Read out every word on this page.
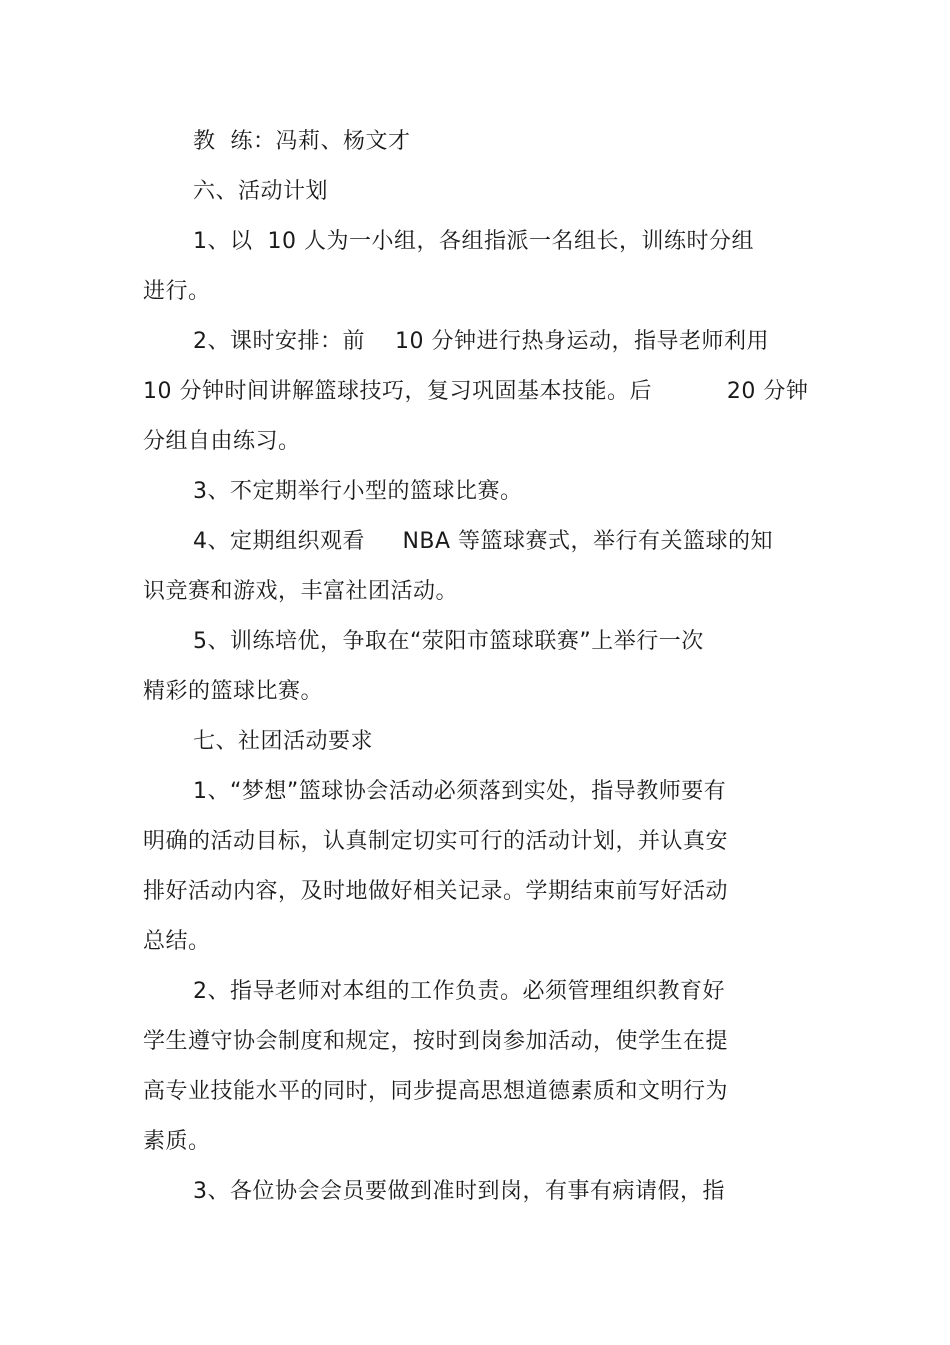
教  练：冯莉、杨文才
六、活动计划
1、以  10 人为一小组，各组指派一名组长，训练时分组
进行。
2、课时安排：前    10 分钟进行热身运动，指导老师利用
10 分钟时间讲解篮球技巧，复习巩固基本技能。后          20 分钟
分组自由练习。
3、不定期举行小型的篮球比赛。
4、定期组织观看     NBA 等篮球赛式，举行有关篮球的知
识竞赛和游戏，丰富社团活动。
5、训练培优，争取在“荥阳市篮球联赛”上举行一次
精彩的篮球比赛。
七、社团活动要求
1、“梦想”篮球协会活动必须落到实处，指导教师要有
明确的活动目标，认真制定切实可行的活动计划，并认真安
排好活动内容，及时地做好相关记录。学期结束前写好活动
总结。
2、指导老师对本组的工作负责。必须管理组织教育好
学生遵守协会制度和规定，按时到岗参加活动，使学生在提
高专业技能水平的同时，同步提高思想道德素质和文明行为
素质。
3、各位协会会员要做到准时到岗，有事有病请假，指
